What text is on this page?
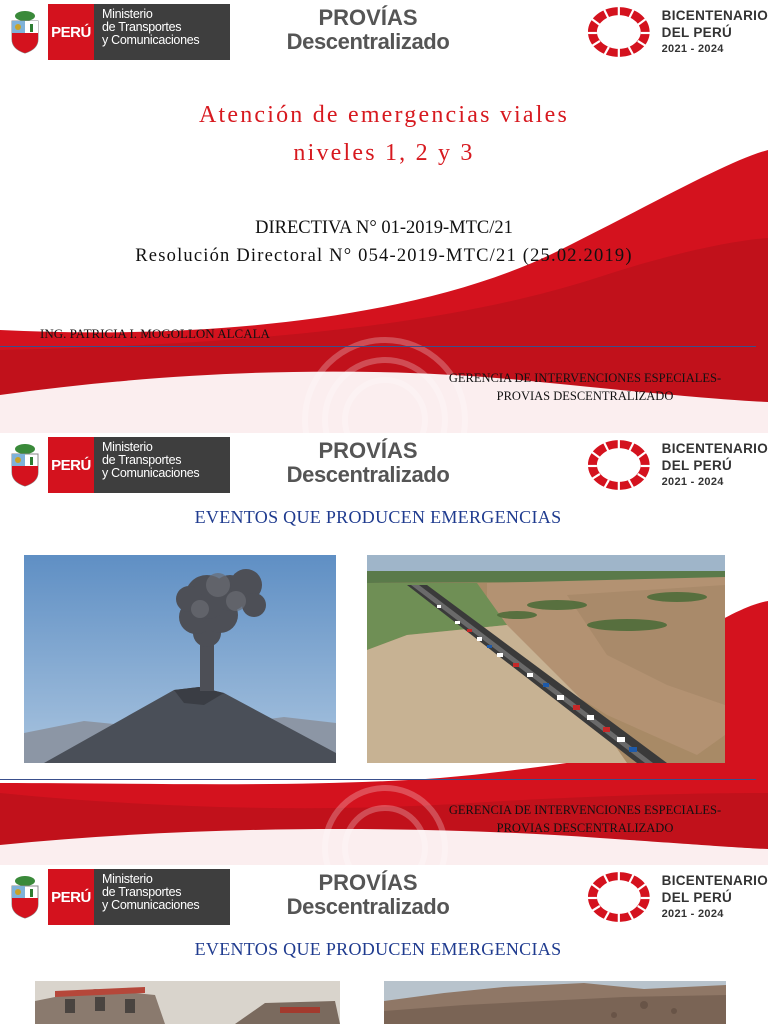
PERÚ
Ministerio
de Transportes
y Comunicaciones
PROVÍAS
Descentralizado
BICENTENARIO
DEL PERÚ
2021 - 2024
Atención de emergencias viales
niveles 1, 2 y 3
DIRECTIVA N° 01-2019-MTC/21
Resolución Directoral N° 054-2019-MTC/21 (25.02.2019)
ING. PATRICIA I. MOGOLLON ALCALA
GERENCIA DE INTERVENCIONES ESPECIALES-
PROVIAS DESCENTRALIZADO
PERÚ
Ministerio
de Transportes
y Comunicaciones
PROVÍAS
Descentralizado
BICENTENARIO
DEL PERÚ
2021 - 2024
EVENTOS QUE PRODUCEN EMERGENCIAS
GERENCIA DE INTERVENCIONES ESPECIALES-
PROVIAS DESCENTRALIZADO
PERÚ
Ministerio
de Transportes
y Comunicaciones
PROVÍAS
Descentralizado
BICENTENARIO
DEL PERÚ
2021 - 2024
EVENTOS QUE PRODUCEN EMERGENCIAS
